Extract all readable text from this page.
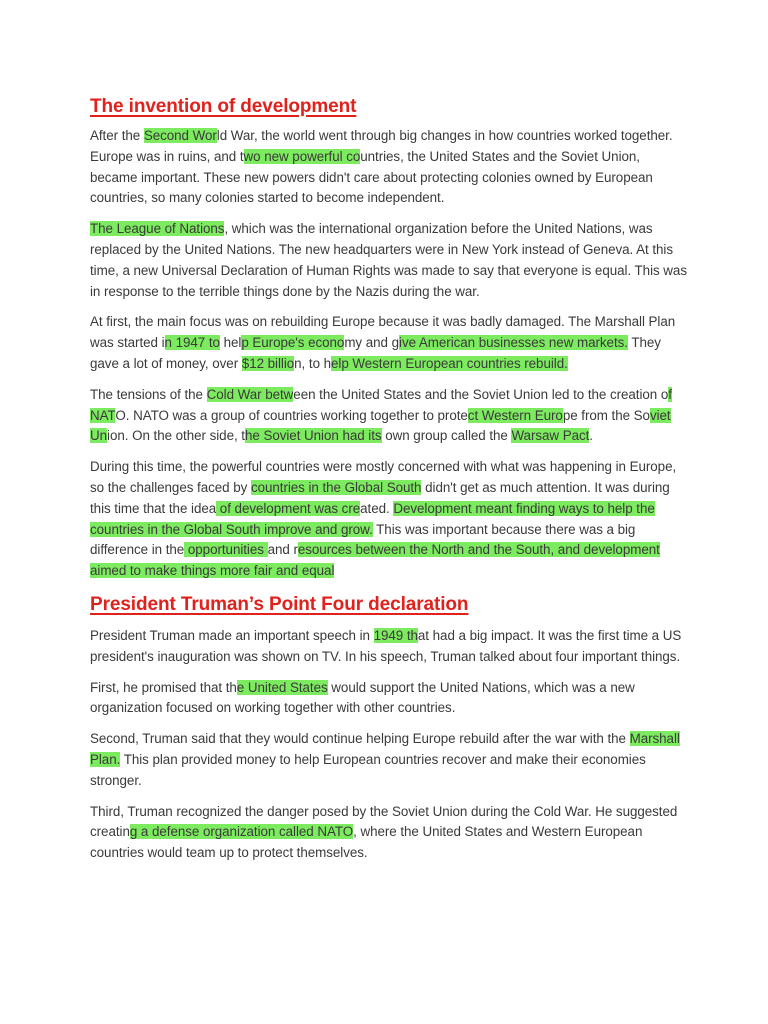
The invention of development

After the Second World War, the world went through big changes in how countries worked together. Europe was in ruins, and two new powerful countries, the United States and the Soviet Union, became important. These new powers didn't care about protecting colonies owned by European countries, so many colonies started to become independent.

The League of Nations, which was the international organization before the United Nations, was replaced by the United Nations. The new headquarters were in New York instead of Geneva. At this time, a new Universal Declaration of Human Rights was made to say that everyone is equal. This was in response to the terrible things done by the Nazis during the war.

At first, the main focus was on rebuilding Europe because it was badly damaged. The Marshall Plan was started in 1947 to help Europe's economy and give American businesses new markets. They gave a lot of money, over $12 billion, to help Western European countries rebuild.

The tensions of the Cold War between the United States and the Soviet Union led to the creation of NATO. NATO was a group of countries working together to protect Western Europe from the Soviet Union. On the other side, the Soviet Union had its own group called the Warsaw Pact.

During this time, the powerful countries were mostly concerned with what was happening in Europe, so the challenges faced by countries in the Global South didn't get as much attention. It was during this time that the idea of development was created. Development meant finding ways to help the countries in the Global South improve and grow. This was important because there was a big difference in the opportunities and resources between the North and the South, and development aimed to make things more fair and equal

President Truman’s Point Four declaration

President Truman made an important speech in 1949 that had a big impact. It was the first time a US president's inauguration was shown on TV. In his speech, Truman talked about four important things.

First, he promised that the United States would support the United Nations, which was a new organization focused on working together with other countries.

Second, Truman said that they would continue helping Europe rebuild after the war with the Marshall Plan. This plan provided money to help European countries recover and make their economies stronger.

Third, Truman recognized the danger posed by the Soviet Union during the Cold War. He suggested creating a defense organization called NATO, where the United States and Western European countries would team up to protect themselves.
